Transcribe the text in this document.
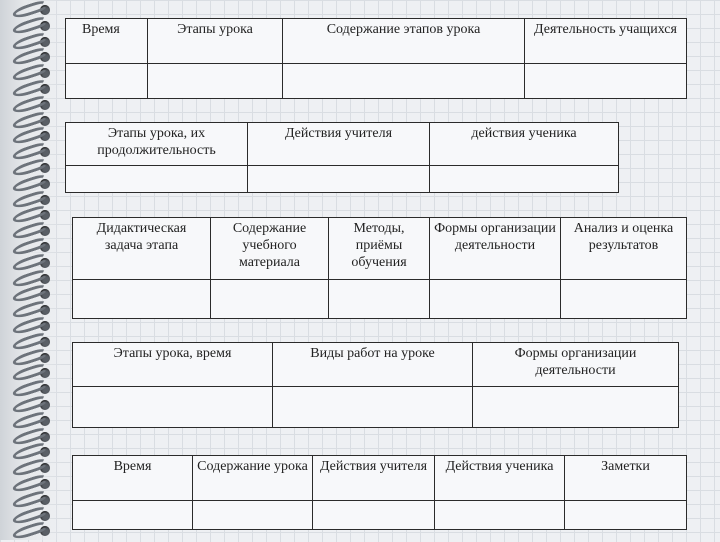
Время	Этапы урока	Содержание этапов урока	Деятельность учащихся

Этапы урока, их продолжительность	Действия учителя	действия ученика

Дидактическая задача этапа	Содержание учебного материала	Методы, приёмы обучения	Формы организации деятельности	Анализ и оценка результатов

Этапы урока, время	Виды работ на уроке	Формы организации деятельности

Время	Содержание урока	Действия учителя	Действия ученика	Заметки
